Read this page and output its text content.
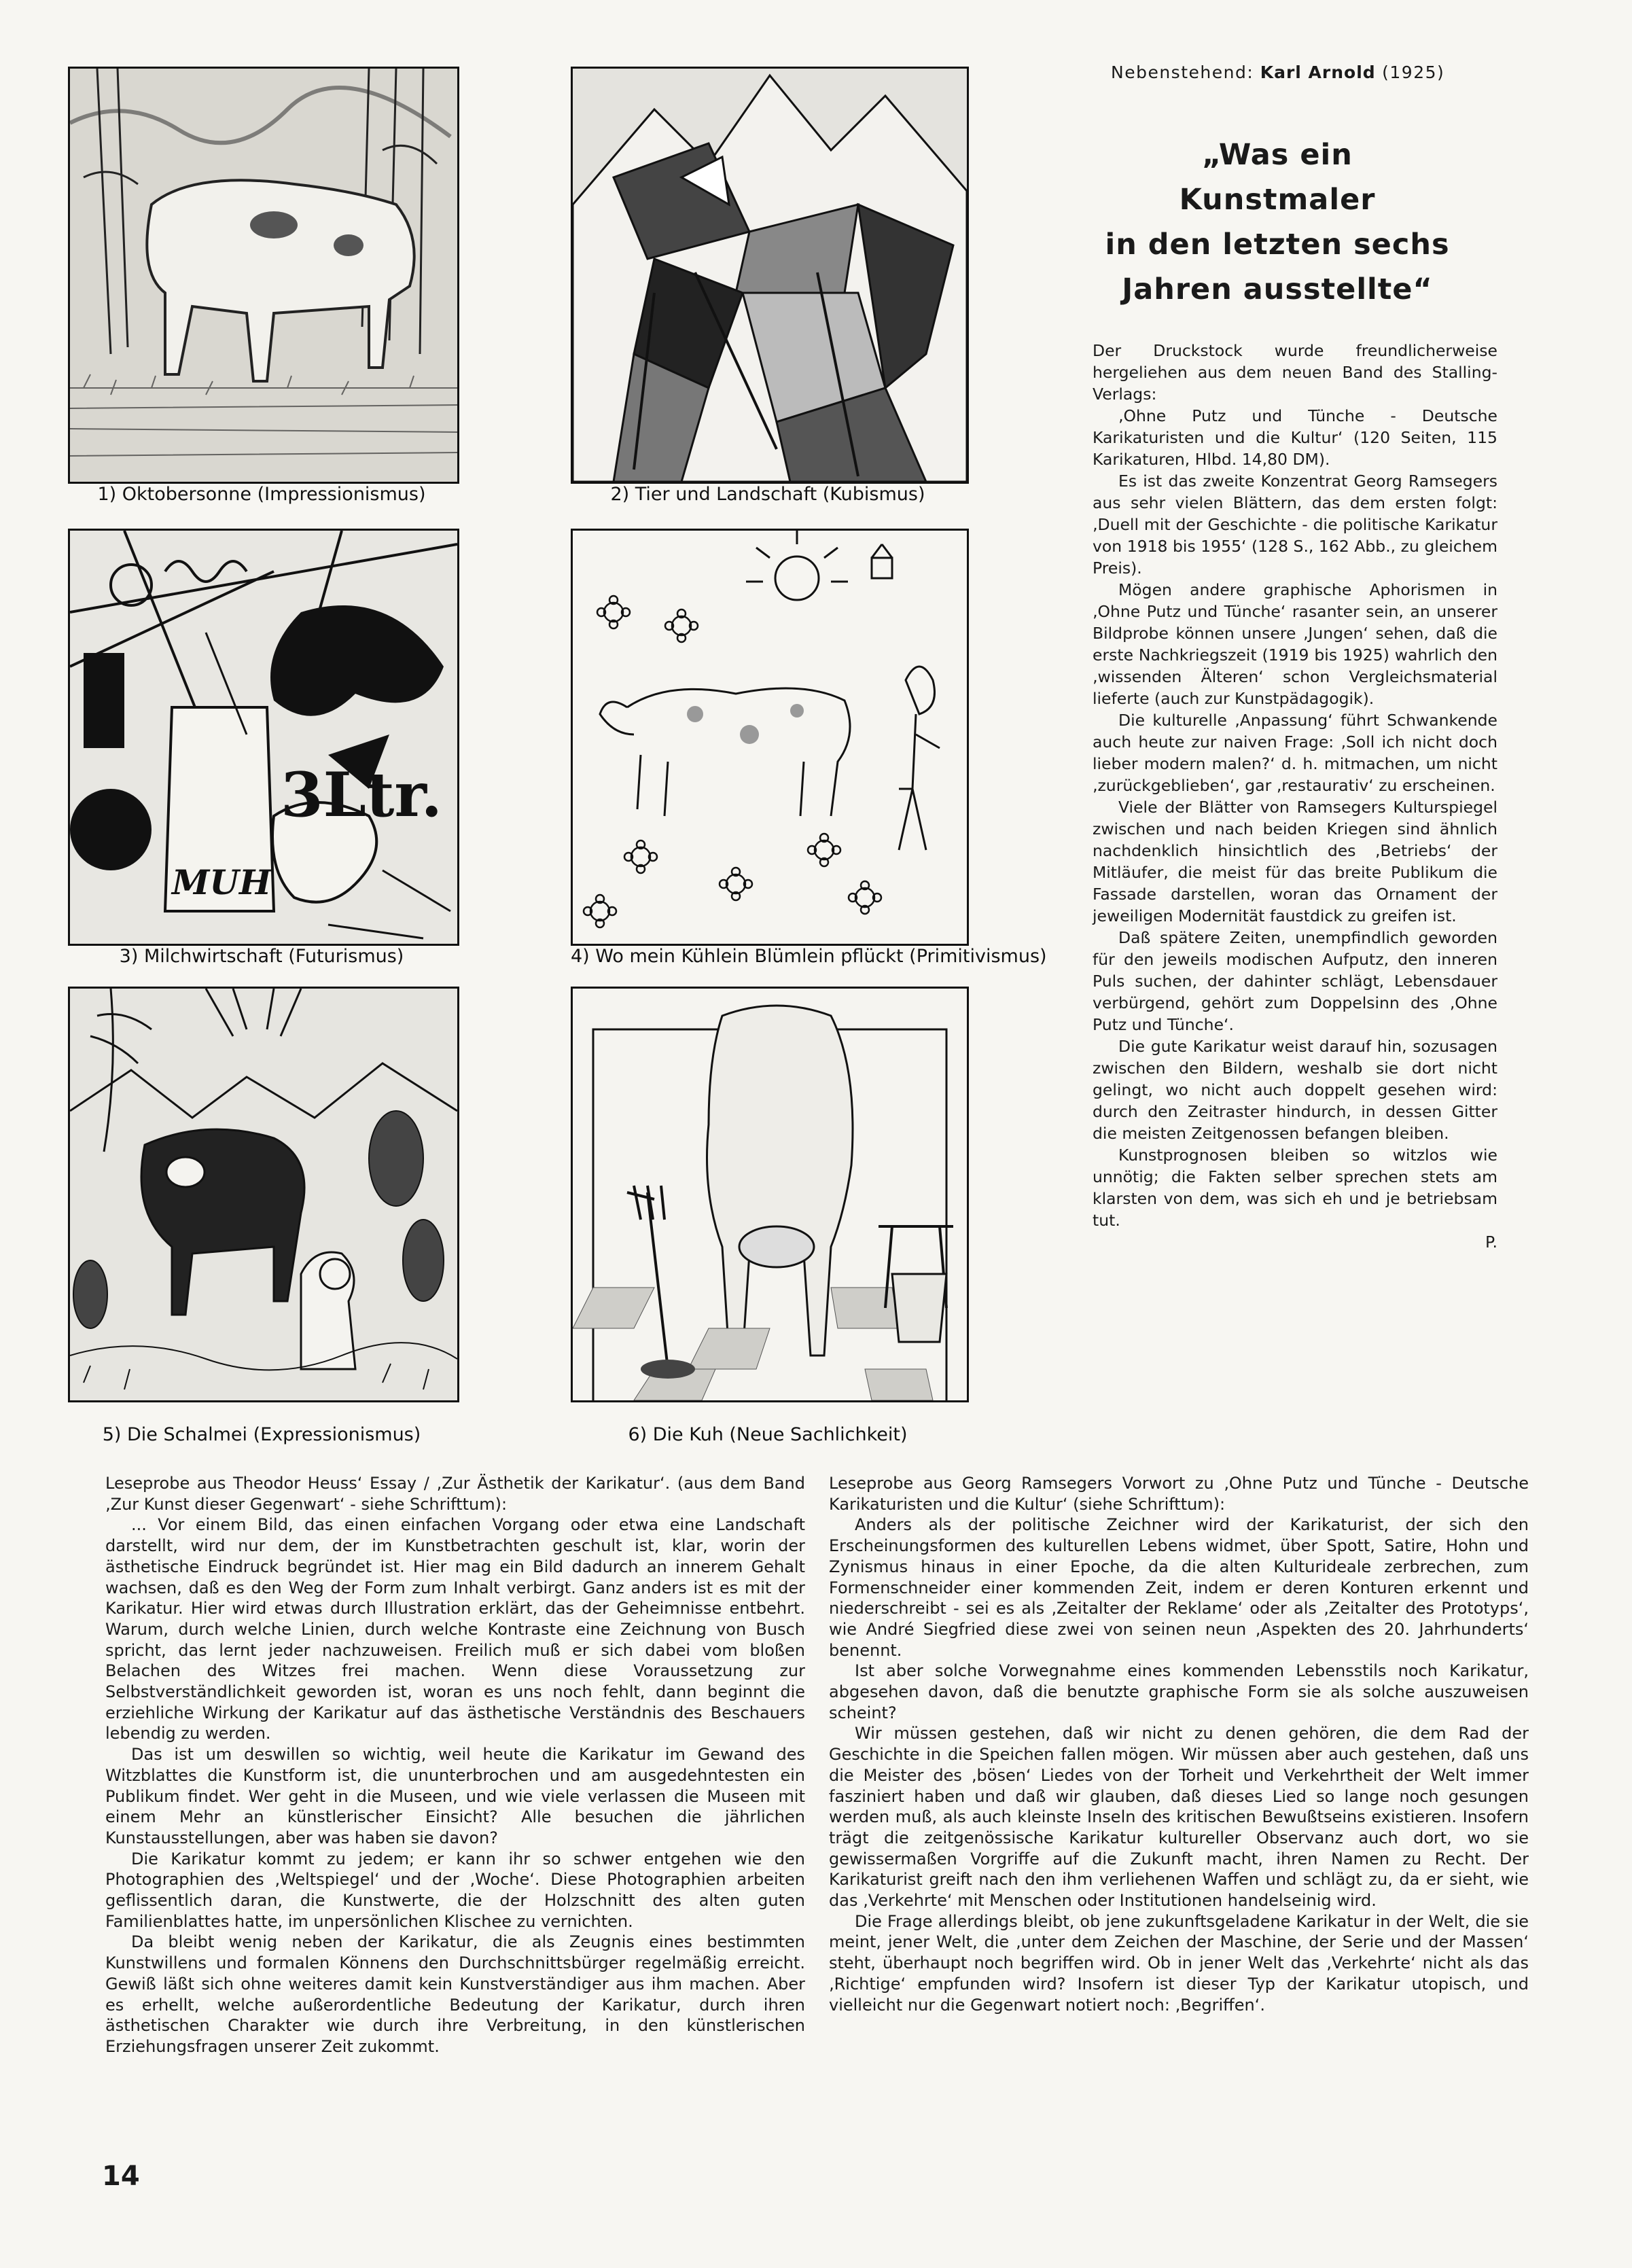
1) Oktobersonne (Impressionismus)	2) Tier und Landschaft (Kubismus)
3Ltr.
MUH
3) Milchwirtschaft (Futurismus)	4) Wo mein Kühlein Blümlein pflückt (Primitivismus)
5) Die Schalmei (Expressionismus)	6) Die Kuh (Neue Sachlichkeit)
Nebenstehend: Karl Arnold (1925)
„Was ein Kunstmaler
in den letzten sechs
Jahren ausstellte“

Der Druckstock wurde freundlicherweise hergeliehen aus dem neuen Band des Stalling-Verlags:

‚Ohne Putz und Tünche - Deutsche Karikaturisten und die Kultur‘ (120 Seiten, 115 Karikaturen, Hlbd. 14,80 DM).

Es ist das zweite Konzentrat Georg Ramsegers aus sehr vielen Blättern, das dem ersten folgt: ‚Duell mit der Geschichte - die politische Karikatur von 1918 bis 1955‘ (128 S., 162 Abb., zu gleichem Preis).

Mögen andere graphische Aphorismen in ‚Ohne Putz und Tünche‘ rasanter sein, an unserer Bildprobe können unsere ‚Jungen‘ sehen, daß die erste Nachkriegszeit (1919 bis 1925) wahrlich den ‚wissenden Älteren‘ schon Vergleichsmaterial lieferte (auch zur Kunstpädagogik).

Die kulturelle ‚Anpassung‘ führt Schwankende auch heute zur naiven Frage: ‚Soll ich nicht doch lieber modern malen?‘ d. h. mitmachen, um nicht ‚zurückgeblieben‘, gar ‚restaurativ‘ zu erscheinen.

Viele der Blätter von Ramsegers Kulturspiegel zwischen und nach beiden Kriegen sind ähnlich nachdenklich hinsichtlich des ‚Betriebs‘ der Mitläufer, die meist für das breite Publikum die Fassade darstellen, woran das Ornament der jeweiligen Modernität faustdick zu greifen ist.

Daß spätere Zeiten, unempfindlich geworden für den jeweils modischen Aufputz, den inneren Puls suchen, der dahinter schlägt, Lebensdauer verbürgend, gehört zum Doppelsinn des ‚Ohne Putz und Tünche‘.

Die gute Karikatur weist darauf hin, sozusagen zwischen den Bildern, weshalb sie dort nicht gelingt, wo nicht auch doppelt gesehen wird: durch den Zeitraster hindurch, in dessen Gitter die meisten Zeitgenossen befangen bleiben.

Kunstprognosen bleiben so witzlos wie unnötig; die Fakten selber sprechen stets am klarsten von dem, was sich eh und je betriebsam tut.

P.

Leseprobe aus Theodor Heuss‘ Essay / ‚Zur Ästhetik der Karikatur‘. (aus dem Band ‚Zur Kunst dieser Gegenwart‘ - siehe Schrifttum):

... Vor einem Bild, das einen einfachen Vorgang oder etwa eine Landschaft darstellt, wird nur dem, der im Kunstbetrachten geschult ist, klar, worin der ästhetische Eindruck begründet ist. Hier mag ein Bild dadurch an innerem Gehalt wachsen, daß es den Weg der Form zum Inhalt verbirgt. Ganz anders ist es mit der Karikatur. Hier wird etwas durch Illustration erklärt, das der Geheimnisse entbehrt. Warum, durch welche Linien, durch welche Kontraste eine Zeichnung von Busch spricht, das lernt jeder nachzuweisen. Freilich muß er sich dabei vom bloßen Belachen des Witzes frei machen. Wenn diese Voraussetzung zur Selbstverständlichkeit geworden ist, woran es uns noch fehlt, dann beginnt die erziehliche Wirkung der Karikatur auf das ästhetische Verständnis des Beschauers lebendig zu werden.

Das ist um deswillen so wichtig, weil heute die Karikatur im Gewand des Witzblattes die Kunstform ist, die ununterbrochen und am ausgedehntesten ein Publikum findet. Wer geht in die Museen, und wie viele verlassen die Museen mit einem Mehr an künstlerischer Einsicht? Alle besuchen die jährlichen Kunstausstellungen, aber was haben sie davon?

Die Karikatur kommt zu jedem; er kann ihr so schwer entgehen wie den Photographien des ‚Weltspiegel‘ und der ‚Woche‘. Diese Photographien arbeiten geflissentlich daran, die Kunstwerte, die der Holzschnitt des alten guten Familienblattes hatte, im unpersönlichen Klischee zu vernichten.

Da bleibt wenig neben der Karikatur, die als Zeugnis eines bestimmten Kunstwillens und formalen Könnens den Durchschnittsbürger regelmäßig erreicht. Gewiß läßt sich ohne weiteres damit kein Kunstverständiger aus ihm machen. Aber es erhellt, welche außerordentliche Bedeutung der Karikatur, durch ihren ästhetischen Charakter wie durch ihre Verbreitung, in den künstlerischen Erziehungsfragen unserer Zeit zukommt.

Leseprobe aus Georg Ramsegers Vorwort zu ‚Ohne Putz und Tünche - Deutsche Karikaturisten und die Kultur‘ (siehe Schrifttum):

Anders als der politische Zeichner wird der Karikaturist, der sich den Erscheinungsformen des kulturellen Lebens widmet, über Spott, Satire, Hohn und Zynismus hinaus in einer Epoche, da die alten Kulturideale zerbrechen, zum Formenschneider einer kommenden Zeit, indem er deren Konturen erkennt und niederschreibt - sei es als ‚Zeitalter der Reklame‘ oder als ‚Zeitalter des Prototyps‘, wie André Siegfried diese zwei von seinen neun ‚Aspekten des 20. Jahrhunderts‘ benennt.

Ist aber solche Vorwegnahme eines kommenden Lebensstils noch Karikatur, abgesehen davon, daß die benutzte graphische Form sie als solche auszuweisen scheint?

Wir müssen gestehen, daß wir nicht zu denen gehören, die dem Rad der Geschichte in die Speichen fallen mögen. Wir müssen aber auch gestehen, daß uns die Meister des ‚bösen‘ Liedes von der Torheit und Verkehrtheit der Welt immer fasziniert haben und daß wir glauben, daß dieses Lied so lange noch gesungen werden muß, als auch kleinste Inseln des kritischen Bewußtseins existieren. Insofern trägt die zeitgenössische Karikatur kultureller Observanz auch dort, wo sie gewissermaßen Vorgriffe auf die Zukunft macht, ihren Namen zu Recht. Der Karikaturist greift nach den ihm verliehenen Waffen und schlägt zu, da er sieht, wie das ‚Verkehrte‘ mit Menschen oder Institutionen handelseinig wird.

Die Frage allerdings bleibt, ob jene zukunftsgeladene Karikatur in der Welt, die sie meint, jener Welt, die ‚unter dem Zeichen der Maschine, der Serie und der Massen‘ steht, überhaupt noch begriffen wird. Ob in jener Welt das ‚Verkehrte‘ nicht als das ‚Richtige‘ empfunden wird? Insofern ist dieser Typ der Karikatur utopisch, und vielleicht nur die Gegenwart notiert noch: ‚Begriffen‘.

14
